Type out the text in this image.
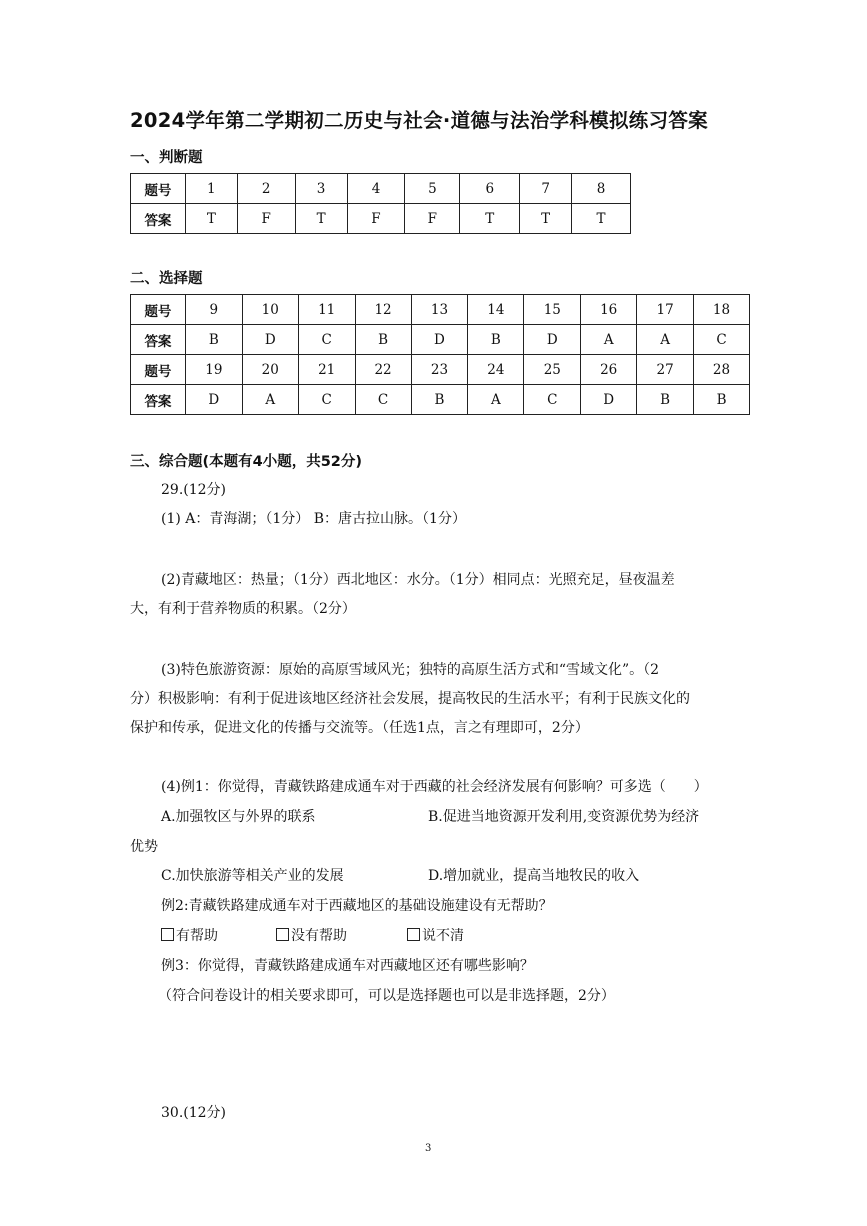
2024学年第二学期初二历史与社会·道德与法治学科模拟练习答案
一、判断题
题号	1	2	3	4	5	6	7	8
答案	T	F	T	F	F	T	T	T
二、选择题
题号	9	10	11	12	13	14	15	16	17	18
答案	B	D	C	B	D	B	D	A	A	C
题号	19	20	21	22	23	24	25	26	27	28
答案	D	A	C	C	B	A	C	D	B	B
三、综合题(本题有4小题，共52分)
29.(12分)
(1) A：青海湖；（1分） B：唐古拉山脉。（1分）
(2)青藏地区：热量；（1分）西北地区：水分。（1分）相同点：光照充足，昼夜温差
大，有利于营养物质的积累。（2分）
(3)特色旅游资源：原始的高原雪域风光；独特的高原生活方式和“雪域文化”。（2
分）积极影响：有利于促进该地区经济社会发展，提高牧民的生活水平；有利于民族文化的
保护和传承，促进文化的传播与交流等。（任选1点，言之有理即可，2分）
(4)例1：你觉得，青藏铁路建成通车对于西藏的社会经济发展有何影响？可多选（　　）
A.加强牧区与外界的联系	B.促进当地资源开发利用,变资源优势为经济
优势
C.加快旅游等相关产业的发展	D.增加就业，提高当地牧民的收入
例2:青藏铁路建成通车对于西藏地区的基础设施建设有无帮助？
有帮助	没有帮助	说不清
例3：你觉得，青藏铁路建成通车对西藏地区还有哪些影响？
（符合问卷设计的相关要求即可，可以是选择题也可以是非选择题，2分）
30.(12分)
3
